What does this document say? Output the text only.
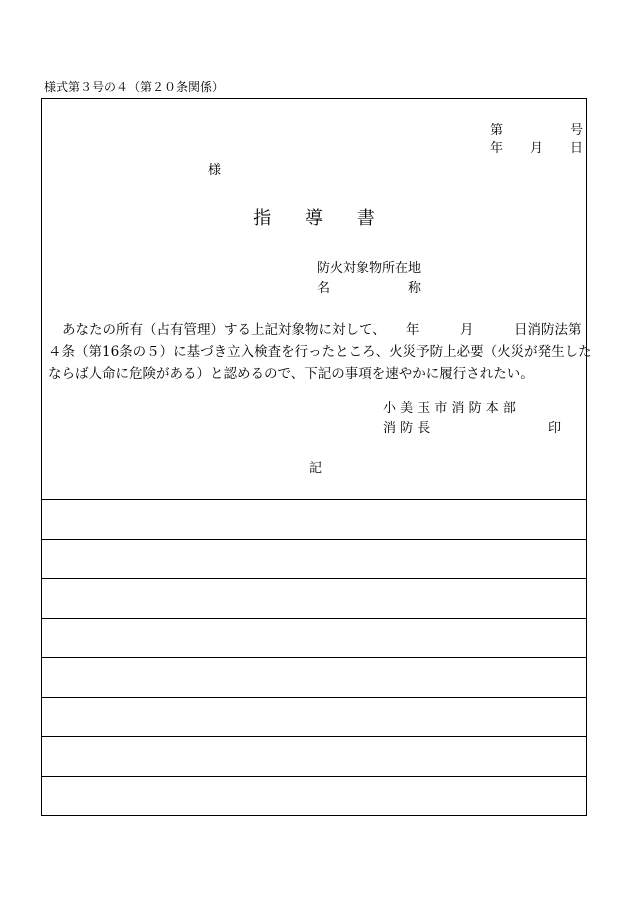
様式第３号の４（第２０条関係）
第	号
年 月 日
様
指 導 書
防火対象物所在地
名	称
あなたの所有（占有管理）する上記対象物に対して、　　年　　　月　　　日消防法第
４条（第16条の５）に基づき立入検査を行ったところ、火災予防上必要（火災が発生した
ならば人命に危険がある）と認めるので、下記の事項を速やかに履行されたい。
小 美 玉 市 消 防 本 部
消 防 長	印
記
